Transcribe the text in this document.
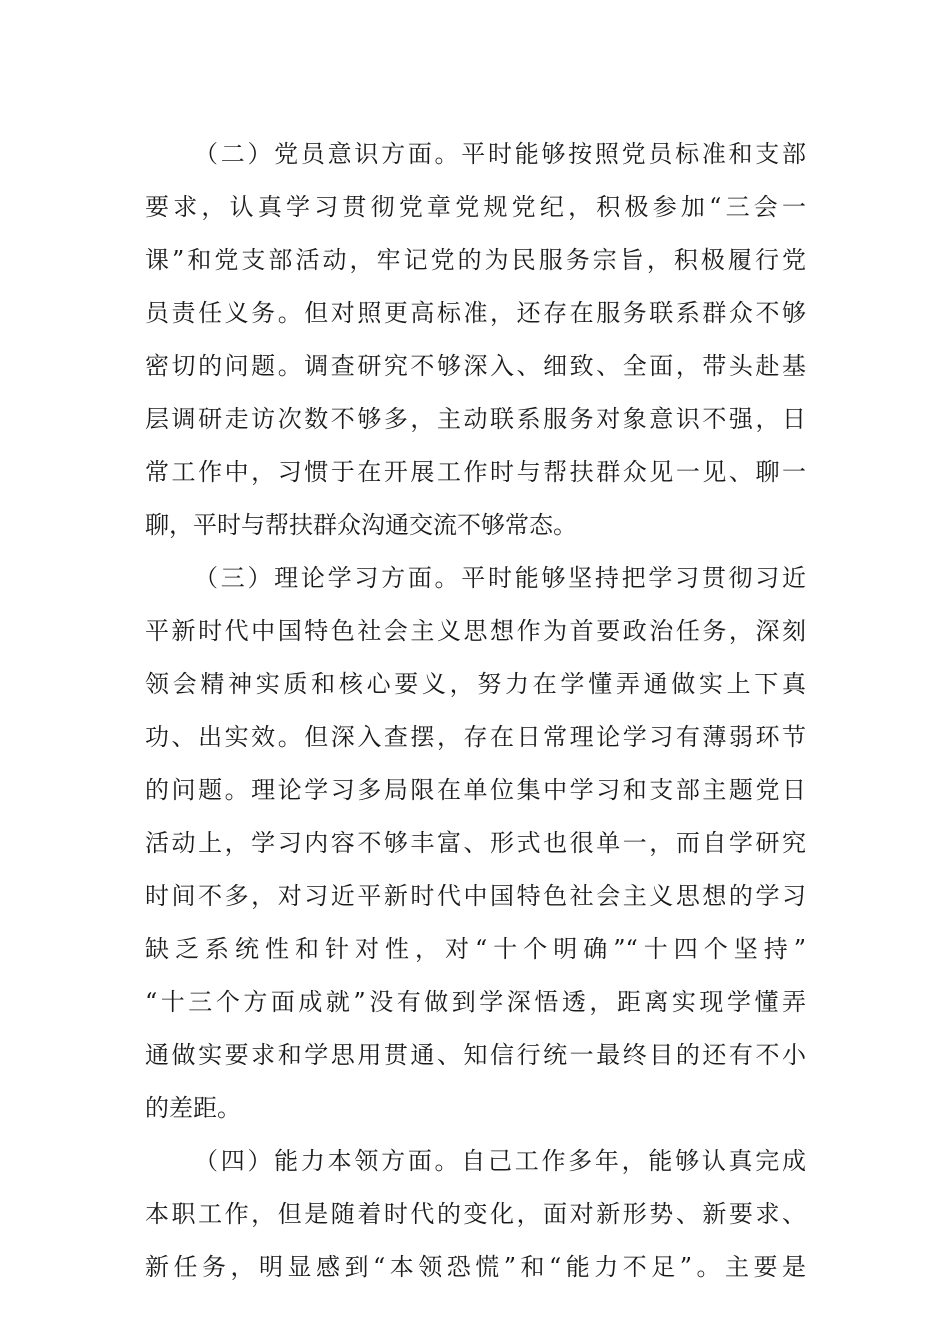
（二）党员意识方面。平时能够按照党员标准和支部
要求，认真学习贯彻党章党规党纪，积极参加“三会一
课”和党支部活动，牢记党的为民服务宗旨，积极履行党
员责任义务。但对照更高标准，还存在服务联系群众不够
密切的问题。调查研究不够深入、细致、全面，带头赴基
层调研走访次数不够多，主动联系服务对象意识不强，日
常工作中，习惯于在开展工作时与帮扶群众见一见、聊一
聊，平时与帮扶群众沟通交流不够常态。
（三）理论学习方面。平时能够坚持把学习贯彻习近
平新时代中国特色社会主义思想作为首要政治任务，深刻
领会精神实质和核心要义，努力在学懂弄通做实上下真
功、出实效。但深入查摆，存在日常理论学习有薄弱环节
的问题。理论学习多局限在单位集中学习和支部主题党日
活动上，学习内容不够丰富、形式也很单一，而自学研究
时间不多，对习近平新时代中国特色社会主义思想的学习
缺乏系统性和针对性，对“十个明确”“十四个坚持”
“十三个方面成就”没有做到学深悟透，距离实现学懂弄
通做实要求和学思用贯通、知信行统一最终目的还有不小
的差距。
（四）能力本领方面。自己工作多年，能够认真完成
本职工作，但是随着时代的变化，面对新形势、新要求、
新任务，明显感到“本领恐慌”和“能力不足”。主要是
